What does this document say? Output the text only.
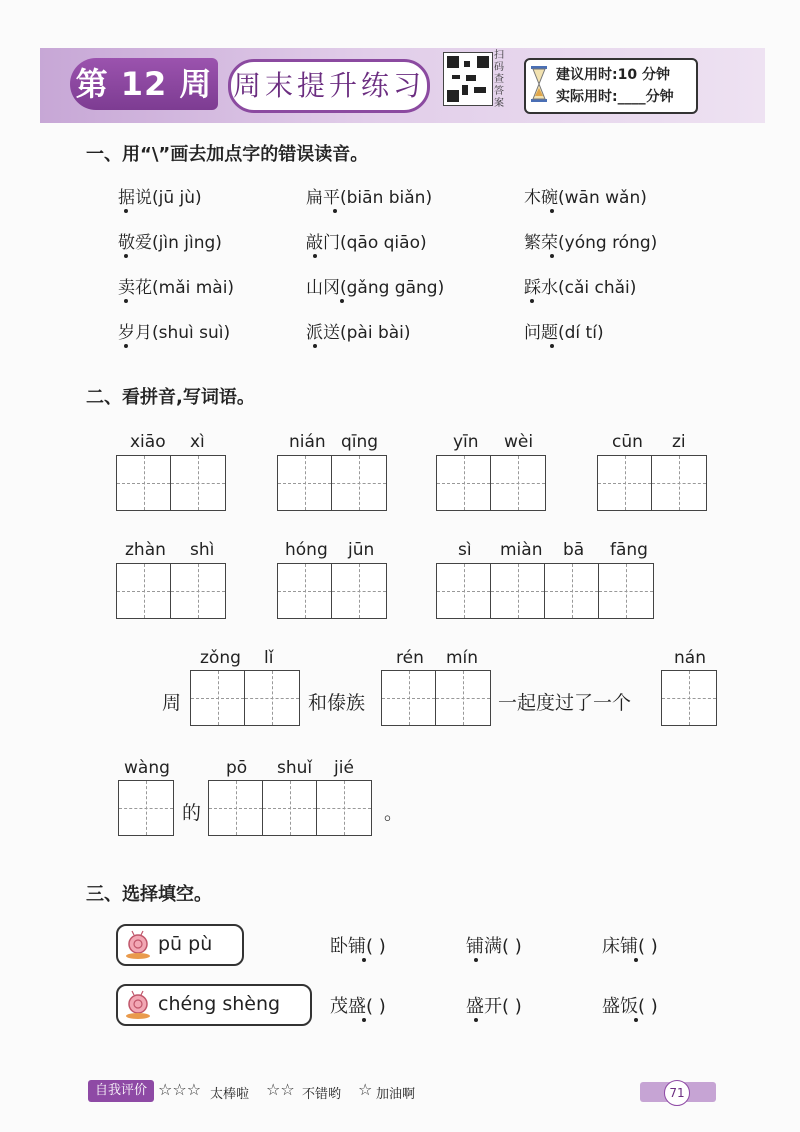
第 12 周 周末提升练习
扫码查答案
建议用时:10 分钟
实际用时:____分钟
一、用“\”画去加点字的错误读音。
据说(jū jù)	扁平(biān biǎn)	木碗(wān wǎn)
敬爱(jìn jìng)	敲门(qāo qiāo)	繁荣(yóng róng)
卖花(mǎi mài)	山冈(gǎng gāng)	踩水(cǎi chǎi)
岁月(shuì suì)	派送(pài bài)	问题(dí tí)
二、看拼音,写词语。
xiāo xì	nián qīng	yīn wèi	cūn zi
zhàn shì	hóng jūn	sì miàn bā fāng
zǒng lǐ	rén mín	nán
周	和傣族	一起度过了一个
wàng	pō shuǐ jié
的	。
三、选择填空。
pū pù	卧铺( )	铺满( )	床铺( )
chéng shèng	茂盛( )	盛开( )	盛饭( )
自我评价 ☆☆☆ 太棒啦 ☆☆ 不错哟 ☆ 加油啊	71
